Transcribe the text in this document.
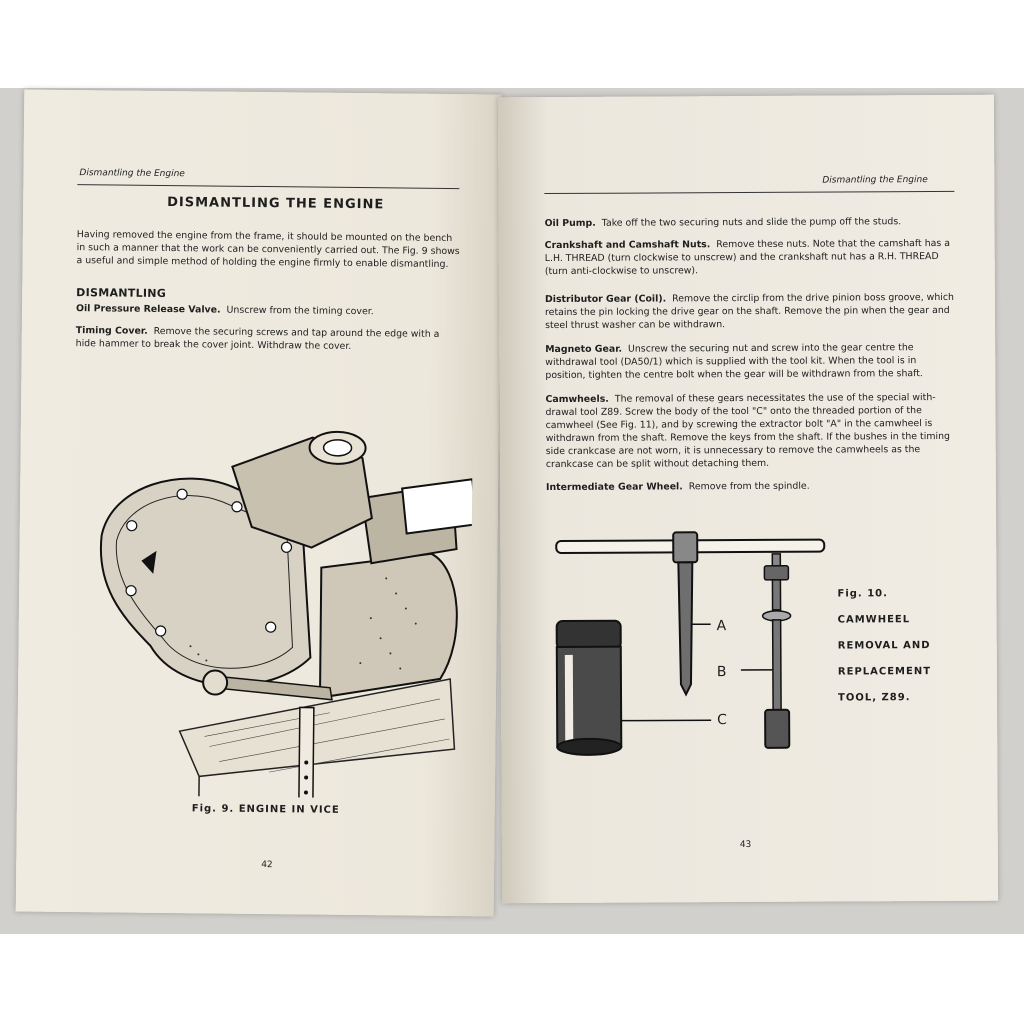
Dismantling the Engine
DISMANTLING THE ENGINE
Having removed the engine from the frame, it should be mounted on the bench in such a manner that the work can be conveniently carried out. The Fig. 9 shows a useful and simple method of holding the engine firmly to enable dismantling.
DISMANTLING
Oil Pressure Release Valve. Unscrew from the timing cover.
Timing Cover. Remove the securing screws and tap around the edge with a hide hammer to break the cover joint. Withdraw the cover.
Fig. 9. ENGINE IN VICE
42
Dismantling the Engine
Oil Pump. Take off the two securing nuts and slide the pump off the studs.
Crankshaft and Camshaft Nuts. Remove these nuts. Note that the camshaft has a L.H. THREAD (turn clockwise to unscrew) and the crankshaft nut has a R.H. THREAD (turn anti-clockwise to unscrew).
Distributor Gear (Coil). Remove the circlip from the drive pinion boss groove, which retains the pin locking the drive gear on the shaft. Remove the pin when the gear and steel thrust washer can be withdrawn.
Magneto Gear. Unscrew the securing nut and screw into the gear centre the withdrawal tool (DA50/1) which is supplied with the tool kit. When the tool is in position, tighten the centre bolt when the gear will be withdrawn from the shaft.
Camwheels. The removal of these gears necessitates the use of the special with-drawal tool Z89. Screw the body of the tool "C" onto the threaded portion of the camwheel (See Fig. 11), and by screwing the extractor bolt "A" in the camwheel is withdrawn from the shaft. Remove the keys from the shaft. If the bushes in the timing side crankcase are not worn, it is unnecessary to remove the camwheels as the crankcase can be split without detaching them.
Intermediate Gear Wheel. Remove from the spindle.
A
B
C
Fig. 10.
CAMWHEEL
REMOVAL AND
REPLACEMENT
TOOL, Z89.
43
